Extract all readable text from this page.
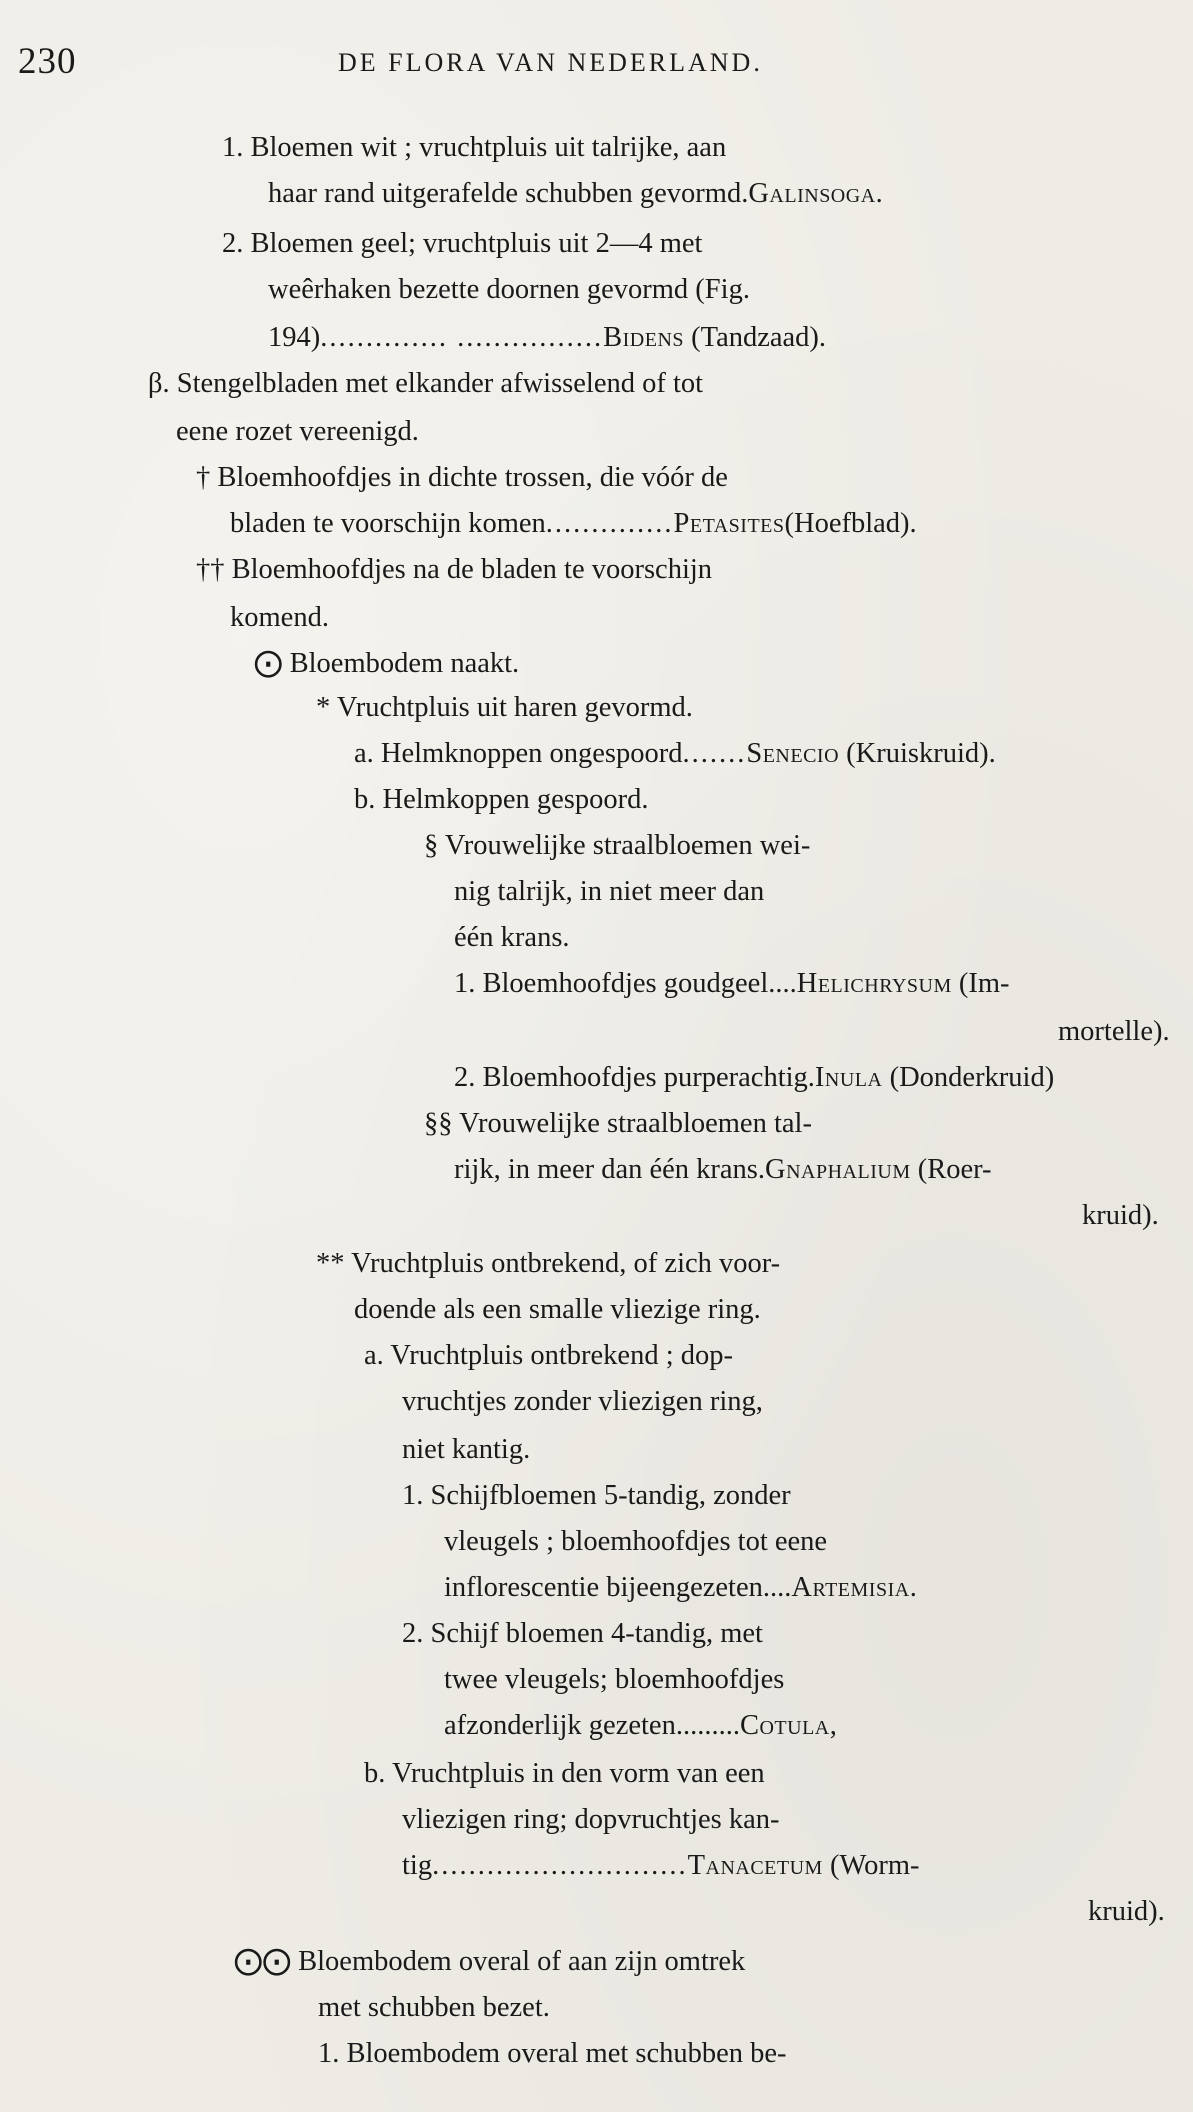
230	DE FLORA VAN NEDERLAND.
1. Bloemen wit ; vruchtpluis uit talrijke, aan
haar rand uitgerafelde schubben gevormd.Galinsoga.
2. Bloemen geel; vruchtpluis uit 2—4 met
weêrhaken bezette doornen gevormd (Fig.
194).............. ................Bidens (Tandzaad).
β. Stengelbladen met elkander afwisselend of tot
eene rozet vereenigd.
† Bloemhoofdjes in dichte trossen, die vóór de
bladen te voorschijn komen..............Petasites(Hoefblad).
†† Bloemhoofdjes na de bladen te voorschijn
komend.
⨀ Bloembodem naakt.
* Vruchtpluis uit haren gevormd.
a. Helmknoppen ongespoord.......Senecio (Kruiskruid).
b. Helmkoppen gespoord.
§ Vrouwelijke straalbloemen wei-
nig talrijk, in niet meer dan
één krans.
1. Bloemhoofdjes goudgeel....Helichrysum (Im-
mortelle).
2. Bloemhoofdjes purperachtig.Inula (Donderkruid)
§§ Vrouwelijke straalbloemen tal-
rijk, in meer dan één krans.Gnaphalium (Roer-
kruid).
** Vruchtpluis ontbrekend, of zich voor-
doende als een smalle vliezige ring.
a. Vruchtpluis ontbrekend ; dop-
vruchtjes zonder vliezigen ring,
niet kantig.
1. Schijfbloemen 5-tandig, zonder
vleugels ; bloemhoofdjes tot eene
inflorescentie bijeengezeten....Artemisia.
2. Schijf bloemen 4-tandig, met
twee vleugels; bloemhoofdjes
afzonderlijk gezeten.........Cotula,
b. Vruchtpluis in den vorm van een
vliezigen ring; dopvruchtjes kan-
tig............................Tanacetum (Worm-
kruid).
⨀⨀ Bloembodem overal of aan zijn omtrek
met schubben bezet.
1. Bloembodem overal met schubben be-
